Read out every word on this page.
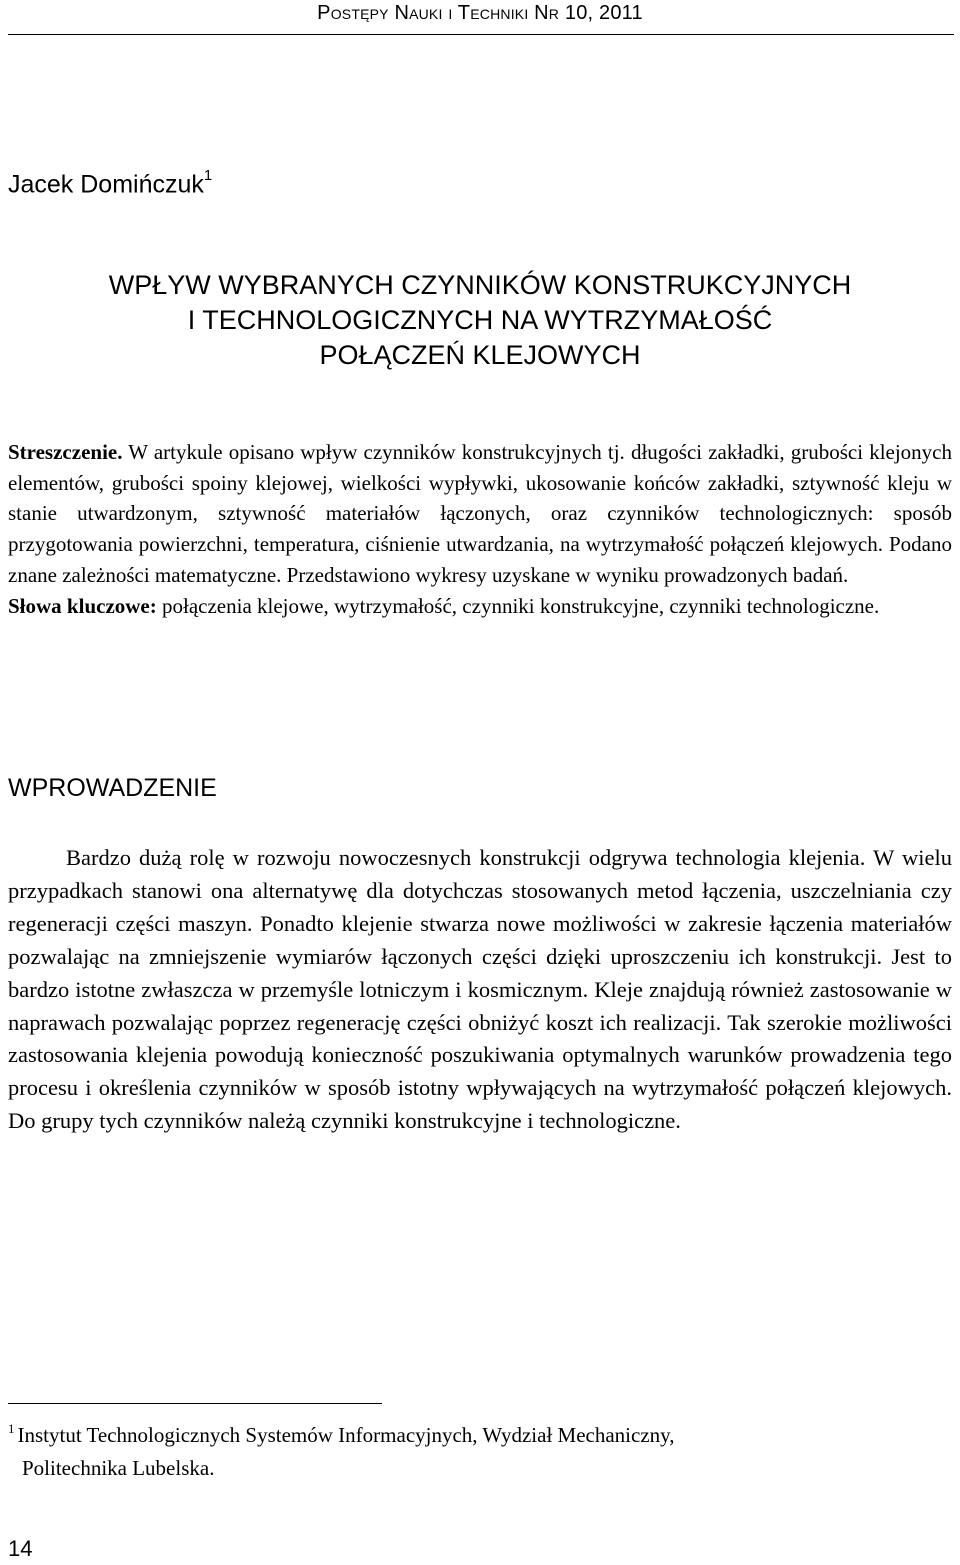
Postępy Nauki i Techniki Nr 10, 2011
Jacek Domińczuk$^1$
WPŁYW WYBRANYCH CZYNNIKÓW KONSTRUKCYJNYCH
I TECHNOLOGICZNYCH NA WYTRZYMAŁOŚĆ
POŁĄCZEŃ KLEJOWYCH

Streszczenie. W artykule opisano wpływ czynników konstrukcyjnych tj. długości zakładki, grubości klejonych elementów, grubości spoiny klejowej, wielkości wypływki, ukosowanie końców zakładki, sztywność kleju w stanie utwardzonym, sztywność materiałów łączonych, oraz czynników technologicznych: sposób przygotowania powierzchni, temperatura, ciśnienie utwardzania, na wytrzymałość połączeń klejowych. Podano znane zależności matematyczne. Przedstawiono wykresy uzyskane w wyniku prowadzonych badań.

Słowa kluczowe: połączenia klejowe, wytrzymałość, czynniki konstrukcyjne, czynniki technologiczne.

WPROWADZENIE

Bardzo dużą rolę w rozwoju nowoczesnych konstrukcji odgrywa technologia klejenia. W wielu przypadkach stanowi ona alternatywę dla dotychczas stosowanych metod łączenia, uszczelniania czy regeneracji części maszyn. Ponadto klejenie stwarza nowe możliwości w zakresie łączenia materiałów pozwalając na zmniejszenie wymiarów łączonych części dzięki uproszczeniu ich konstrukcji. Jest to bardzo istotne zwłaszcza w przemyśle lotniczym i kosmicznym. Kleje znajdują również zastosowanie w naprawach pozwalając poprzez regenerację części obniżyć koszt ich realizacji. Tak szerokie możliwości zastosowania klejenia powodują konieczność poszukiwania optymalnych warunków prowadzenia tego procesu i określenia czynników w sposób istotny wpływających na wytrzymałość połączeń klejowych. Do grupy tych czynników należą czynniki konstrukcyjne i technologiczne.

$^1$ Instytut Technologicznych Systemów Informacyjnych, Wydział Mechaniczny,
Politechnika Lubelska.
14
